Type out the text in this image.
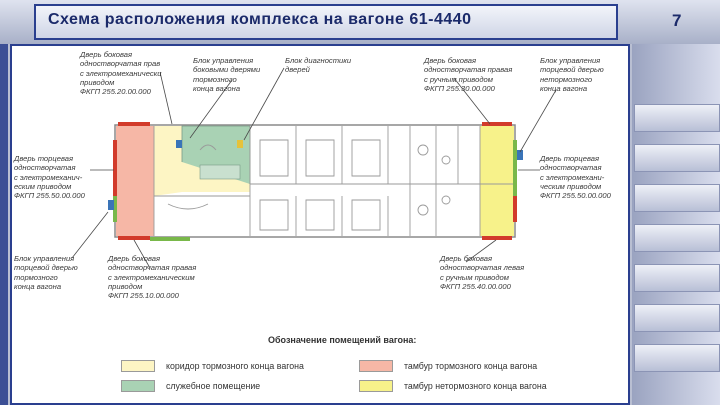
Схема расположения комплекса на вагоне 61-4440	7
Дверь боковая
одностворчатая прав
с электромеханически
приводом
ФКГП 255.20.00.000
Блок управления
боковыми дверями
тормозного
конца вагона
Блок диагностики
дверей
Дверь боковая
одностворчатая правая
с ручным приводом
ФКГП 255.30.00.000
Блок управления
торцевой дверью
нетормозного
конца вагона
Дверь торцевая
одностворчатая
с электромеханич-
еским приводом
ФКГП 255.50.00.000
Дверь торцевая
одностворчатая
с электромехани-
ческим приводом
ФКГП 255.50.00.000
Блок управления
торцевой дверью
тормозного
конца вагона
Дверь боковая
одностворчатая правая
с электромеханическим
приводом
ФКГП 255.10.00.000
Дверь боковая
одностворчатая левая
с ручным приводом
ФКГП 255.40.00.000
Обозначение помещений вагона:
коридор тормозного конца вагона
служебное помещение
тамбур тормозного конца вагона
тамбур нетормозного конца вагона
